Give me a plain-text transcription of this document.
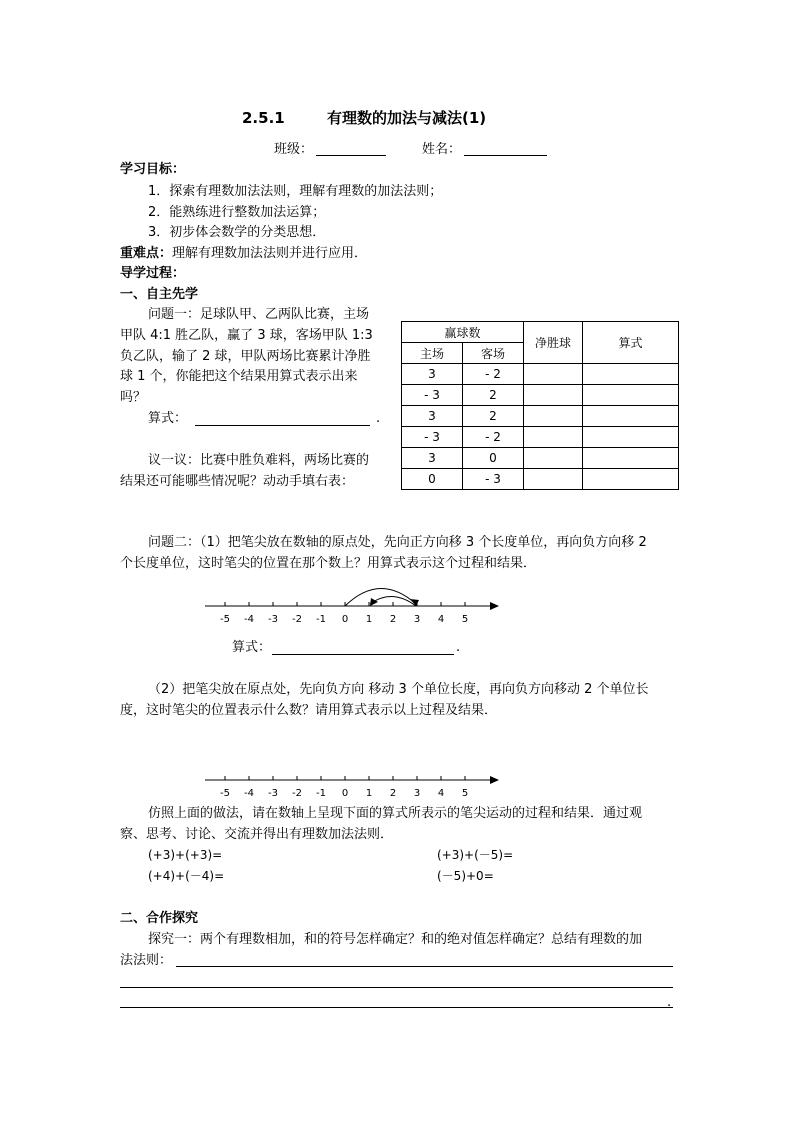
2.5.1	有理数的加法与减法(1)
班级：	姓名：
学习目标：
1．探索有理数加法法则，理解有理数的加法法则；
2．能熟练进行整数加法运算；
3．初步体会数学的分类思想．
重难点：理解有理数加法法则并进行应用．
导学过程：
一、自主先学
问题一：足球队甲、乙两队比赛，主场
甲队 4:1 胜乙队，赢了 3 球，客场甲队 1:3
负乙队，输了 2 球，甲队两场比赛累计净胜
球 1 个，你能把这个结果用算式表示出来
吗？
算式：	.
议一议：比赛中胜负难料，两场比赛的
结果还可能哪些情况呢？动动手填右表：
赢球数		净胜球	算式
主场	客场		
3	- 2		
- 3	2		
3	2		
- 3	- 2		
3	0		
0	- 3		
问题二：（1）把笔尖放在数轴的原点处，先向正方向移 3 个长度单位，再向负方向移 2
个长度单位，这时笔尖的位置在那个数上？用算式表示这个过程和结果．
-5 -4 -3 -2 -1 0 1 2 3 4 5
算式：	.
（2）把笔尖放在原点处，先向负方向 移动 3 个单位长度，再向负方向移动 2 个单位长
度，这时笔尖的位置表示什么数？请用算式表示以上过程及结果．
-5 -4 -3 -2 -1 0 1 2 3 4 5
仿照上面的做法，请在数轴上呈现下面的算式所表示的笔尖运动的过程和结果．通过观
察、思考、讨论、交流并得出有理数加法法则．
(+3)+(+3)=	(+3)+(－5)=
(+4)+(－4)=	(－5)+0=
二、合作探究
探究一：两个有理数相加，和的符号怎样确定？和的绝对值怎样确定？总结有理数的加
法法则：
.
